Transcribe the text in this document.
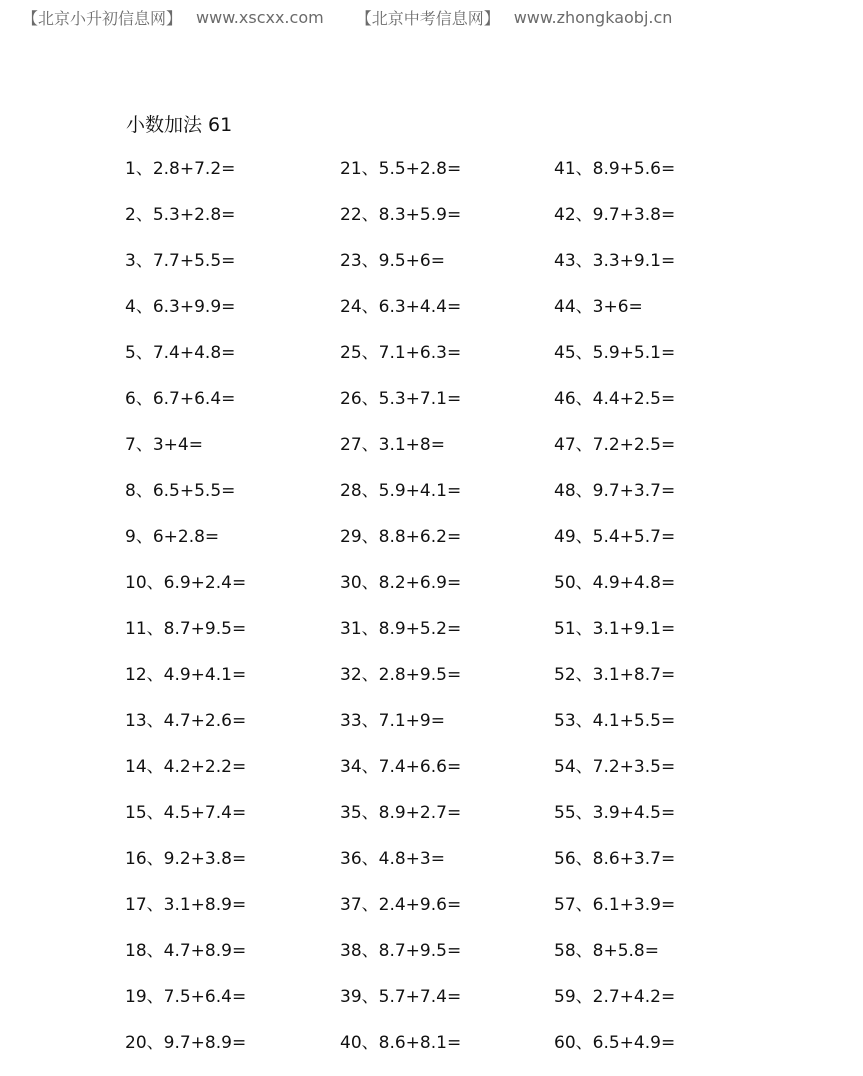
【北京小升初信息网】 www.xscxx.com 【北京中考信息网】 www.zhongkaobj.cn
小数加法 61
1、2.8+7.2=
2、5.3+2.8=
3、7.7+5.5=
4、6.3+9.9=
5、7.4+4.8=
6、6.7+6.4=
7、3+4=
8、6.5+5.5=
9、6+2.8=
10、6.9+2.4=
11、8.7+9.5=
12、4.9+4.1=
13、4.7+2.6=
14、4.2+2.2=
15、4.5+7.4=
16、9.2+3.8=
17、3.1+8.9=
18、4.7+8.9=
19、7.5+6.4=
20、9.7+8.9=
21、5.5+2.8=
22、8.3+5.9=
23、9.5+6=
24、6.3+4.4=
25、7.1+6.3=
26、5.3+7.1=
27、3.1+8=
28、5.9+4.1=
29、8.8+6.2=
30、8.2+6.9=
31、8.9+5.2=
32、2.8+9.5=
33、7.1+9=
34、7.4+6.6=
35、8.9+2.7=
36、4.8+3=
37、2.4+9.6=
38、8.7+9.5=
39、5.7+7.4=
40、8.6+8.1=
41、8.9+5.6=
42、9.7+3.8=
43、3.3+9.1=
44、3+6=
45、5.9+5.1=
46、4.4+2.5=
47、7.2+2.5=
48、9.7+3.7=
49、5.4+5.7=
50、4.9+4.8=
51、3.1+9.1=
52、3.1+8.7=
53、4.1+5.5=
54、7.2+3.5=
55、3.9+4.5=
56、8.6+3.7=
57、6.1+3.9=
58、8+5.8=
59、2.7+4.2=
60、6.5+4.9=
